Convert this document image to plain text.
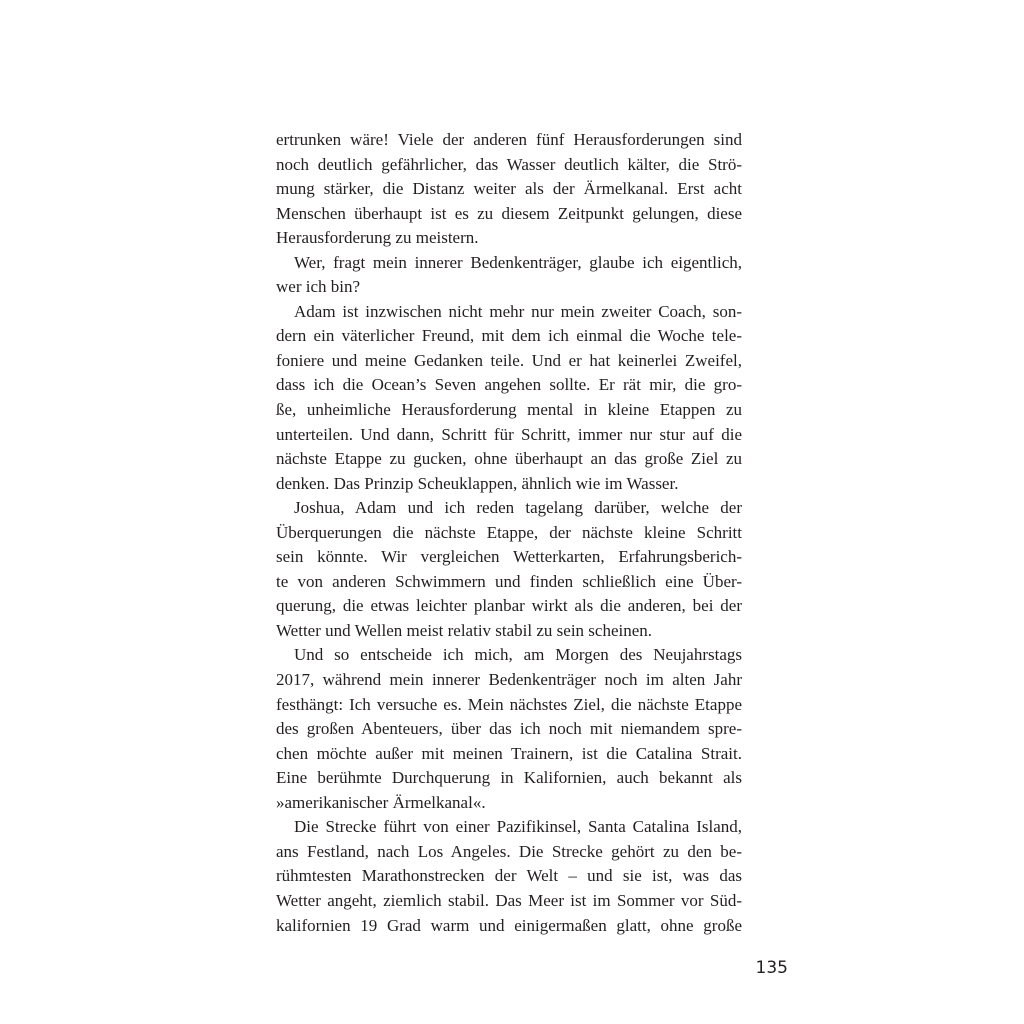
ertrunken wäre! Viele der anderen fünf Herausforderungen sind
noch deutlich gefährlicher, das Wasser deutlich kälter, die Strö-
mung stärker, die Distanz weiter als der Ärmelkanal. Erst acht
Menschen überhaupt ist es zu diesem Zeitpunkt gelungen, diese
Herausforderung zu meistern.
Wer, fragt mein innerer Bedenkenträger, glaube ich eigentlich,
wer ich bin?
Adam ist inzwischen nicht mehr nur mein zweiter Coach, son-
dern ein väterlicher Freund, mit dem ich einmal die Woche tele-
foniere und meine Gedanken teile. Und er hat keinerlei Zweifel,
dass ich die Ocean’s Seven angehen sollte. Er rät mir, die gro-
ße, unheimliche Herausforderung mental in kleine Etappen zu
unterteilen. Und dann, Schritt für Schritt, immer nur stur auf die
nächste Etappe zu gucken, ohne überhaupt an das große Ziel zu
denken. Das Prinzip Scheuklappen, ähnlich wie im Wasser.
Joshua, Adam und ich reden tagelang darüber, welche der
Überquerungen die nächste Etappe, der nächste kleine Schritt
sein könnte. Wir vergleichen Wetterkarten, Erfahrungsberich-
te von anderen Schwimmern und finden schließlich eine Über-
querung, die etwas leichter planbar wirkt als die anderen, bei der
Wetter und Wellen meist relativ stabil zu sein scheinen.
Und so entscheide ich mich, am Morgen des Neujahrstags
2017, während mein innerer Bedenkenträger noch im alten Jahr
festhängt: Ich versuche es. Mein nächstes Ziel, die nächste Etappe
des großen Abenteuers, über das ich noch mit niemandem spre-
chen möchte außer mit meinen Trainern, ist die Catalina Strait.
Eine berühmte Durchquerung in Kalifornien, auch bekannt als
»amerikanischer Ärmelkanal«.
Die Strecke führt von einer Pazifikinsel, Santa Catalina Island,
ans Festland, nach Los Angeles. Die Strecke gehört zu den be-
rühmtesten Marathonstrecken der Welt – und sie ist, was das
Wetter angeht, ziemlich stabil. Das Meer ist im Sommer vor Süd-
kalifornien 19 Grad warm und einigermaßen glatt, ohne große
135
